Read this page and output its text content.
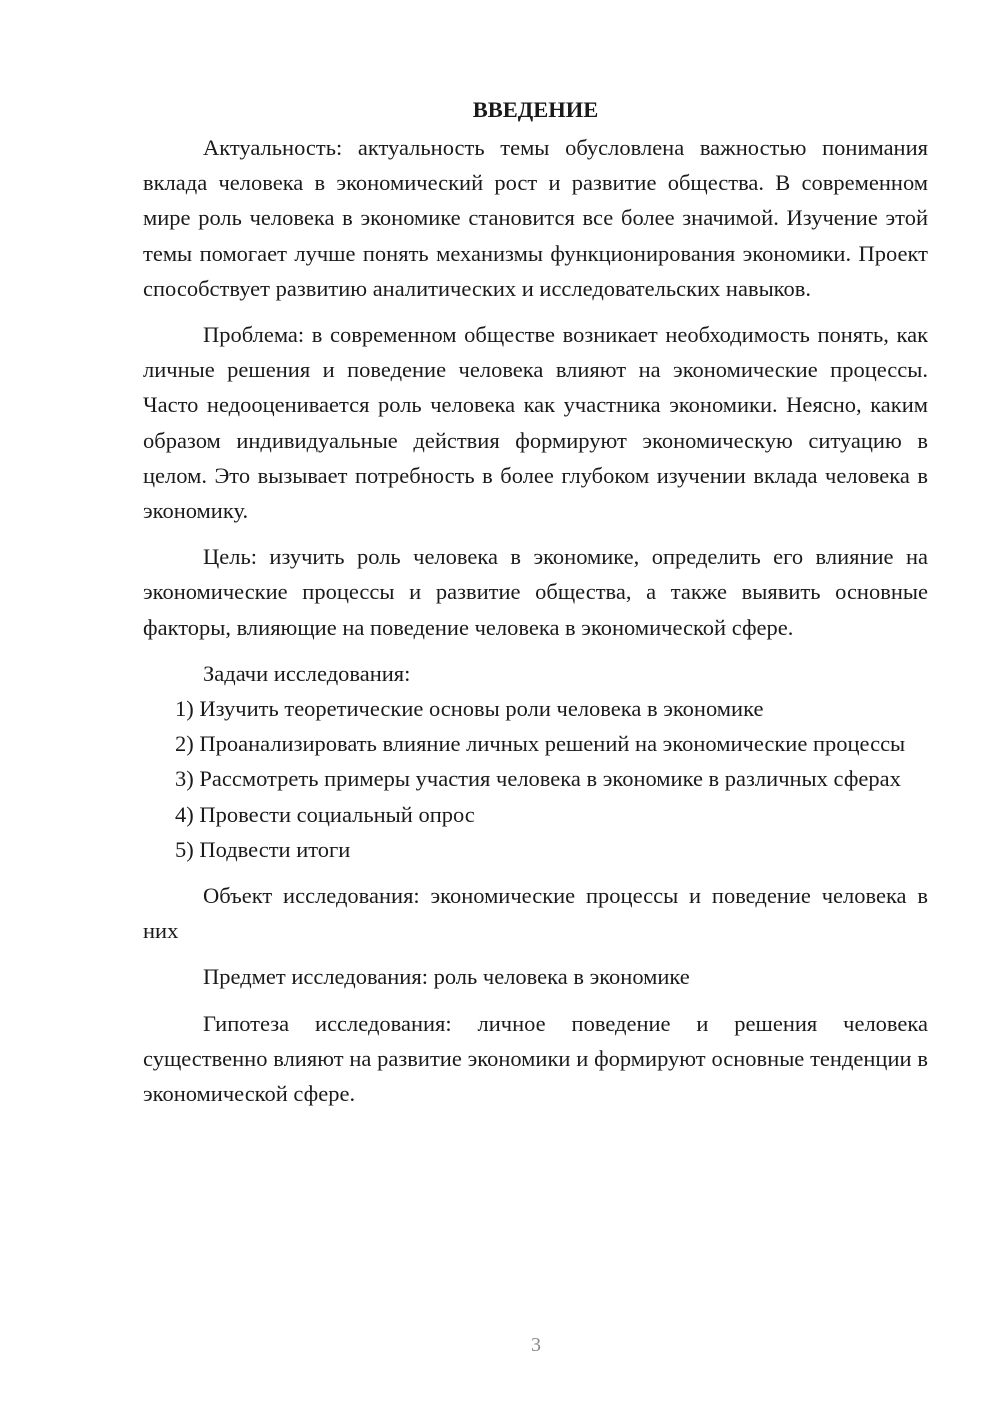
ВВЕДЕНИЕ

Актуальность: актуальность темы обусловлена важностью понимания вклада человека в экономический рост и развитие общества. В современном мире роль человека в экономике становится все более значимой. Изучение этой темы помогает лучше понять механизмы функционирования экономики. Проект способствует развитию аналитических и исследовательских навыков.

Проблема: в современном обществе возникает необходимость понять, как личные решения и поведение человека влияют на экономические процессы. Часто недооценивается роль человека как участника экономики. Неясно, каким образом индивидуальные действия формируют экономическую ситуацию в целом. Это вызывает потребность в более глубоком изучении вклада человека в экономику.

Цель: изучить роль человека в экономике, определить его влияние на экономические процессы и развитие общества, а также выявить основные факторы, влияющие на поведение человека в экономической сфере.

Задачи исследования:

1) Изучить теоретические основы роли человека в экономике

2) Проанализировать влияние личных решений на экономические процессы

3) Рассмотреть примеры участия человека в экономике в различных сферах

4) Провести социальный опрос

5) Подвести итоги

Объект исследования: экономические процессы и поведение человека в них

Предмет исследования: роль человека в экономике

Гипотеза исследования: личное поведение и решения человека существенно влияют на развитие экономики и формируют основные тенденции в экономической сфере.

3
